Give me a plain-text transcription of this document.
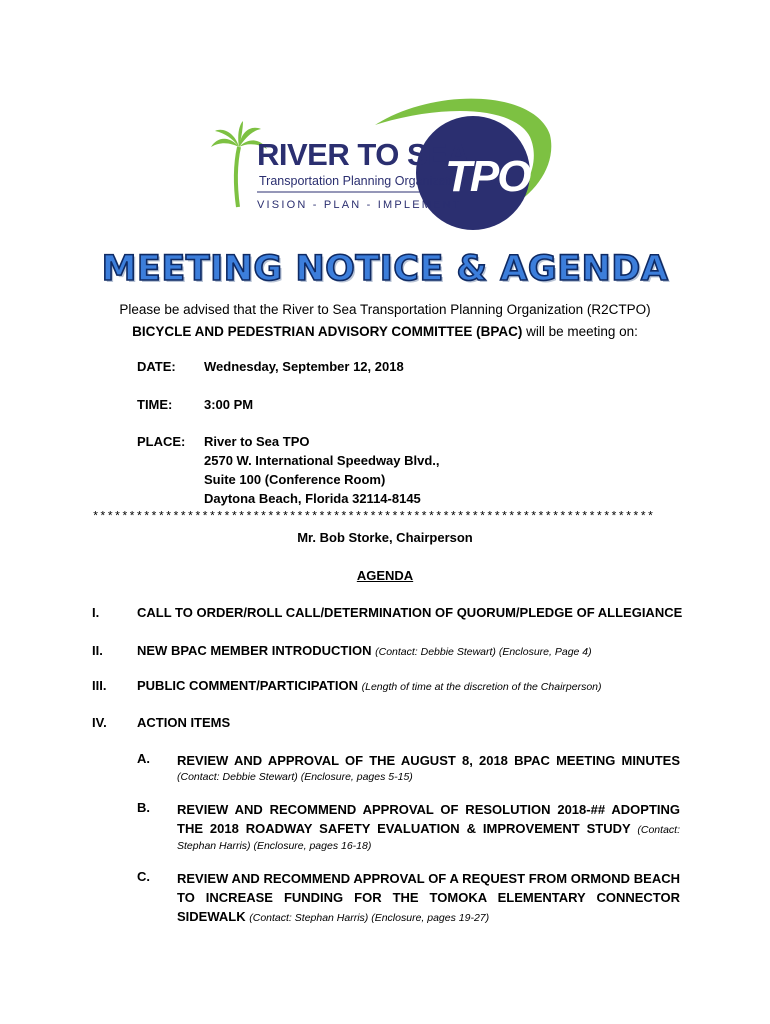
RIVER TO SEA
Transportation Planning Organization
VISION - PLAN - IMPLEMENT
TPO
MEETING NOTICE & AGENDA
Please be advised that the River to Sea Transportation Planning Organization (R2CTPO)
BICYCLE AND PEDESTRIAN ADVISORY COMMITTEE (BPAC) will be meeting on:
DATE: Wednesday, September 12, 2018
TIME: 3:00 PM
PLACE: River to Sea TPO
2570 W. International Speedway Blvd.,
Suite 100 (Conference Room)
Daytona Beach, Florida 32114-8145
*****************************************************************************
Mr. Bob Storke, Chairperson
AGENDA
I.	CALL TO ORDER/ROLL CALL/DETERMINATION OF QUORUM/PLEDGE OF ALLEGIANCE
II.	NEW BPAC MEMBER INTRODUCTION (Contact: Debbie Stewart) (Enclosure, Page 4)
III. PUBLIC COMMENT/PARTICIPATION (Length of time at the discretion of the Chairperson)
IV. ACTION ITEMS
A. REVIEW AND APPROVAL OF THE AUGUST 8, 2018 BPAC MEETING MINUTES
(Contact: Debbie Stewart) (Enclosure, pages 5-15)
B. REVIEW AND RECOMMEND APPROVAL OF RESOLUTION 2018-## ADOPTING
THE 2018 ROADWAY SAFETY EVALUATION & IMPROVEMENT STUDY (Contact:
Stephan Harris) (Enclosure, pages 16-18)
C. REVIEW AND RECOMMEND APPROVAL OF A REQUEST FROM ORMOND BEACH
TO INCREASE FUNDING FOR THE TOMOKA ELEMENTARY CONNECTOR
SIDEWALK (Contact: Stephan Harris) (Enclosure, pages 19-27)
